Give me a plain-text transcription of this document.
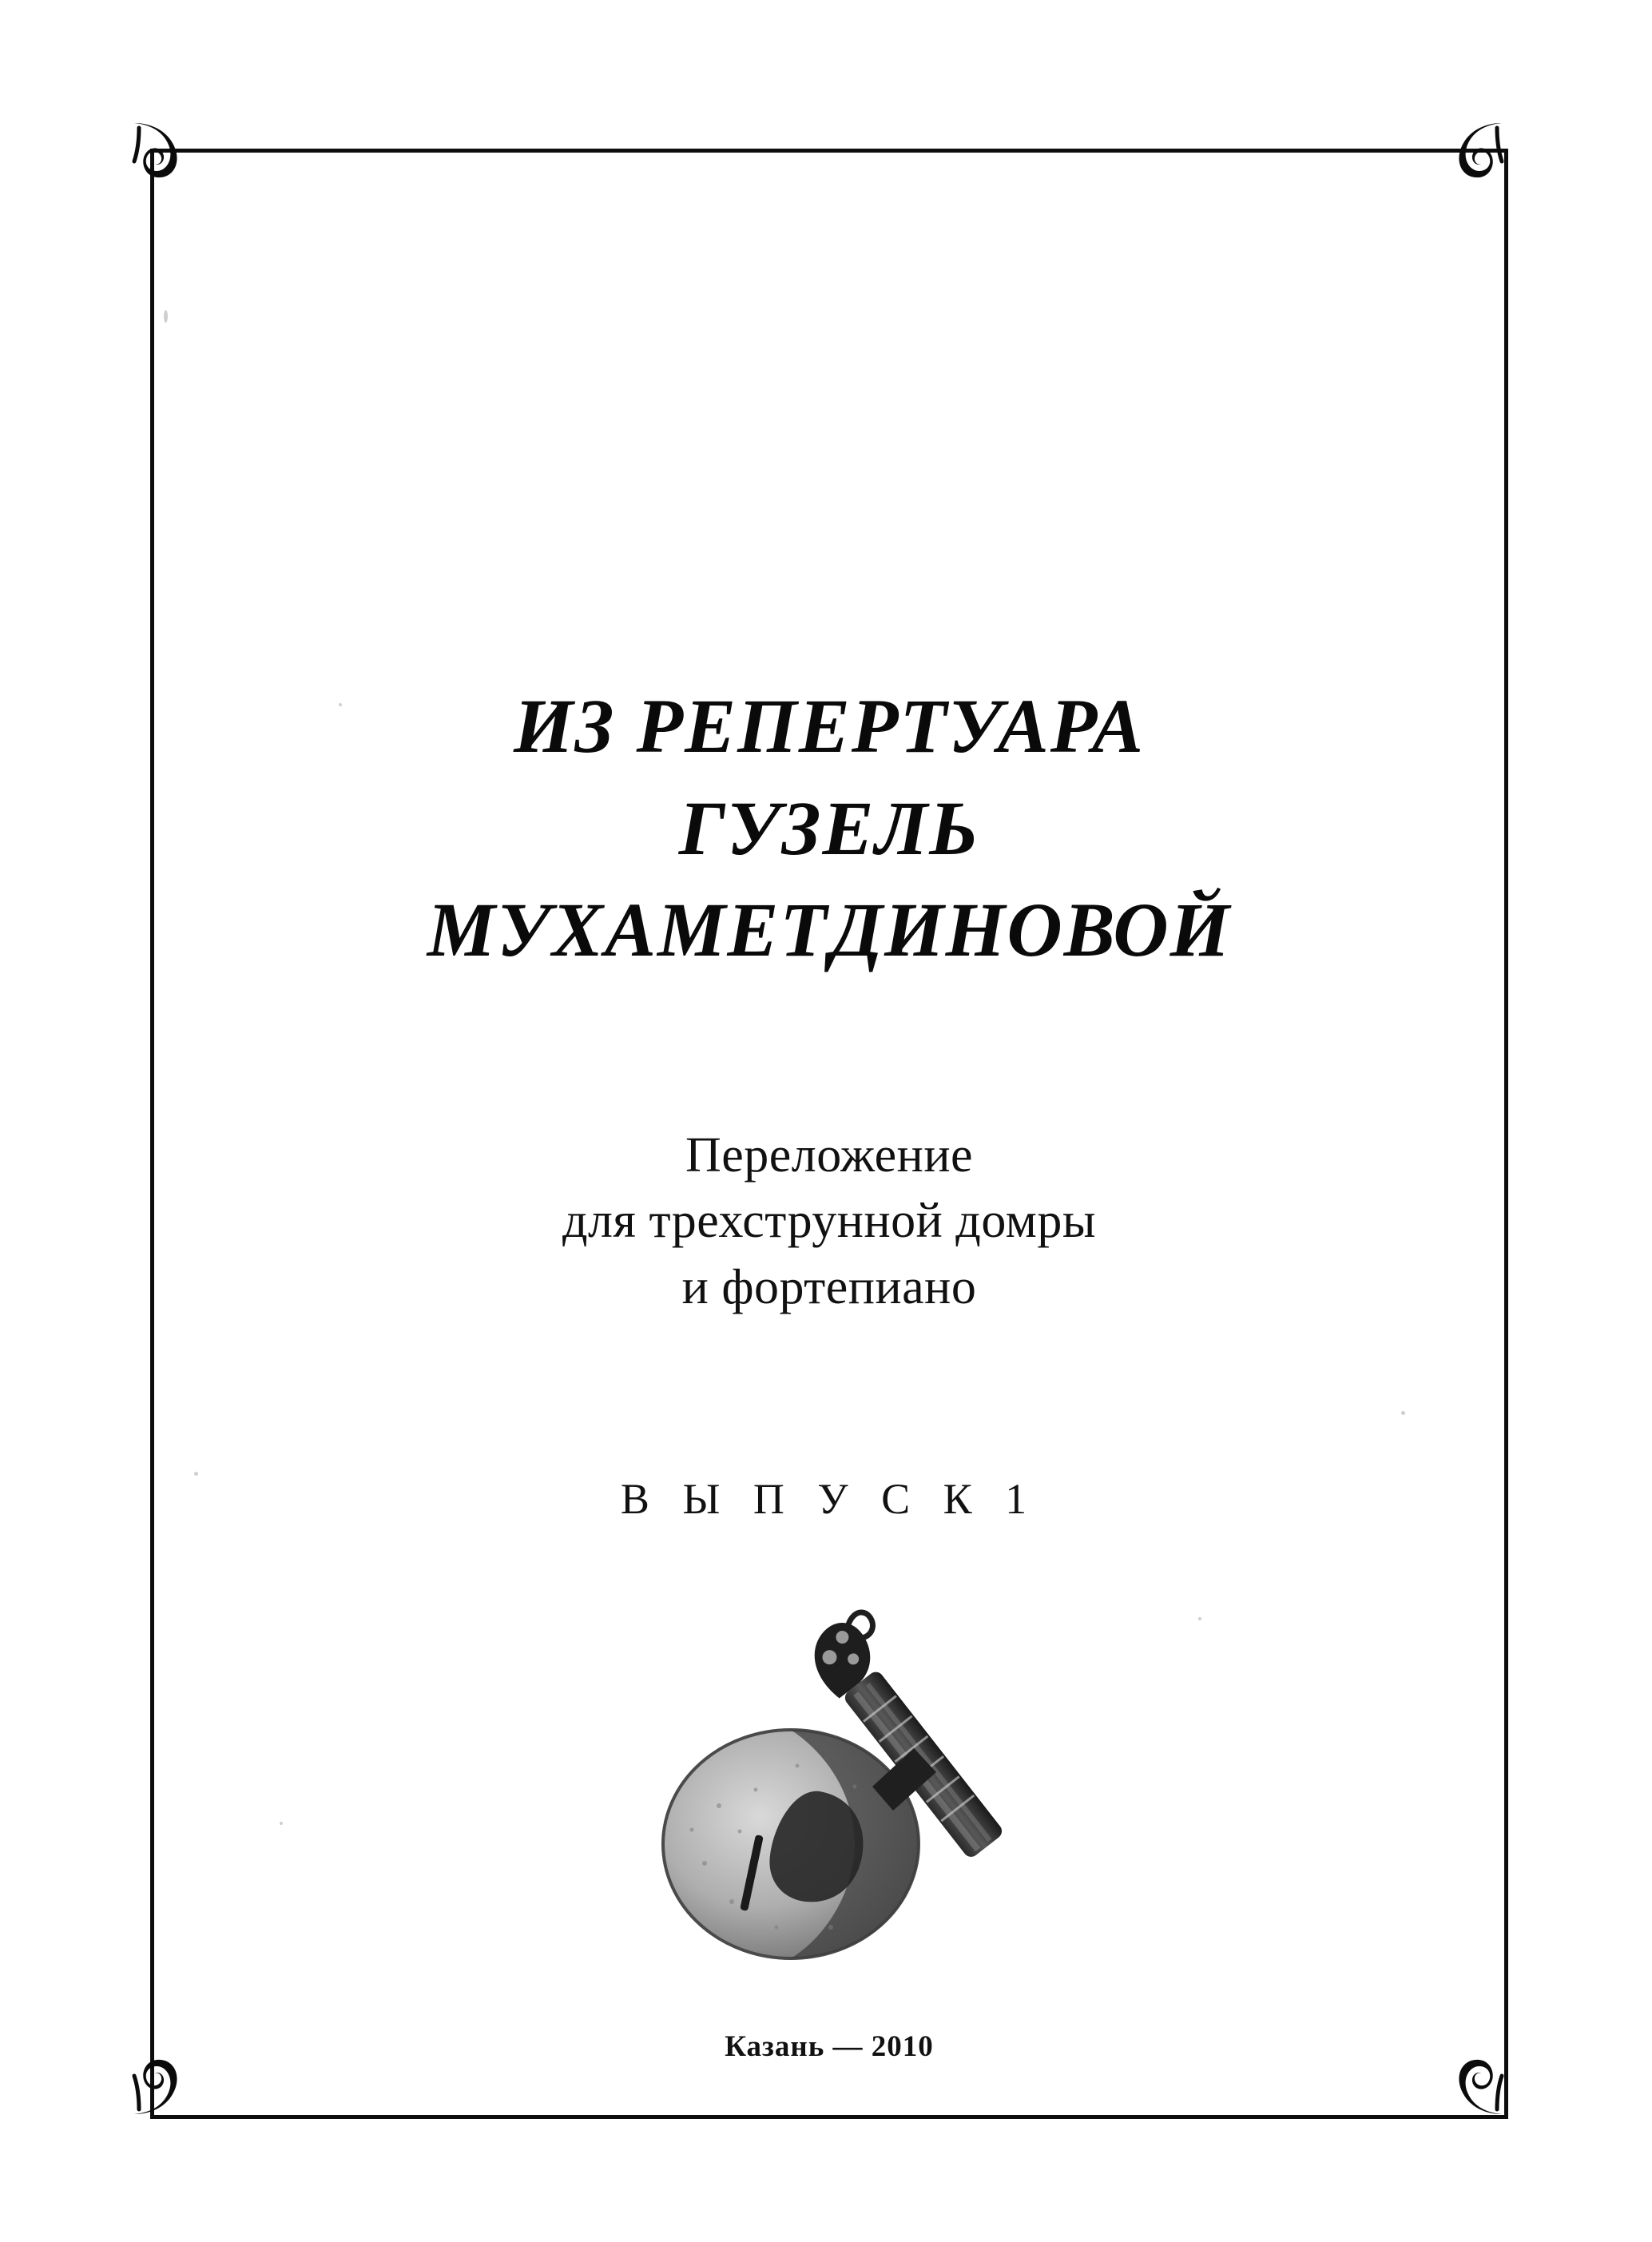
ИЗ РЕПЕРТУАРА
ГУЗЕЛЬ
МУХАМЕТДИНОВОЙ
Переложение
для трехструнной домры
и фортепиано
В Ы П У С К 1
Казань — 2010
